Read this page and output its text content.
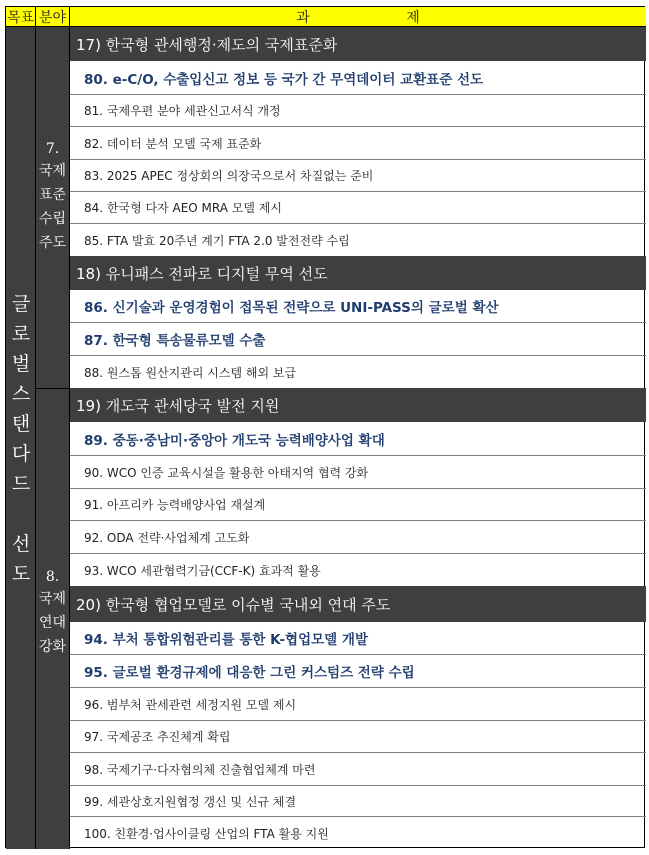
목표 분야	과 제
글
로
벌
스
탠
다
드
선
도
7.
국제
표준
수립
주도
8.
국제
연대
강화
17) 한국형 관세행정·제도의 국제표준화
80. e-C/O, 수출입신고 정보 등 국가 간 무역데이터 교환표준 선도
81. 국제우편 분야 세관신고서식 개정
82. 데이터 분석 모델 국제 표준화
83. 2025 APEC 정상회의 의장국으로서 차질없는 준비
84. 한국형 다자 AEO MRA 모델 제시
85. FTA 발효 20주년 계기 FTA 2.0 발전전략 수립
18) 유니패스 전파로 디지털 무역 선도
86. 신기술과 운영경험이 접목된 전략으로 UNI-PASS의 글로벌 확산
87. 한국형 특송물류모델 수출
88. 원스톱 원산지관리 시스템 해외 보급
19) 개도국 관세당국 발전 지원
89. 중동·중남미·중앙아 개도국 능력배양사업 확대
90. WCO 인증 교육시설을 활용한 아태지역 협력 강화
91. 아프리카 능력배양사업 재설계
92. ODA 전략·사업체계 고도화
93. WCO 세관협력기금(CCF-K) 효과적 활용
20) 한국형 협업모델로 이슈별 국내외 연대 주도
94. 부처 통합위험관리를 통한 K-협업모델 개발
95. 글로벌 환경규제에 대응한 그린 커스텀즈 전략 수립
96. 범부처 관세관련 세정지원 모델 제시
97. 국제공조 추진체계 확립
98. 국제기구·다자협의체 진출협업체계 마련
99. 세관상호지원협정 갱신 및 신규 체결
100. 친환경·업사이클링 산업의 FTA 활용 지원
